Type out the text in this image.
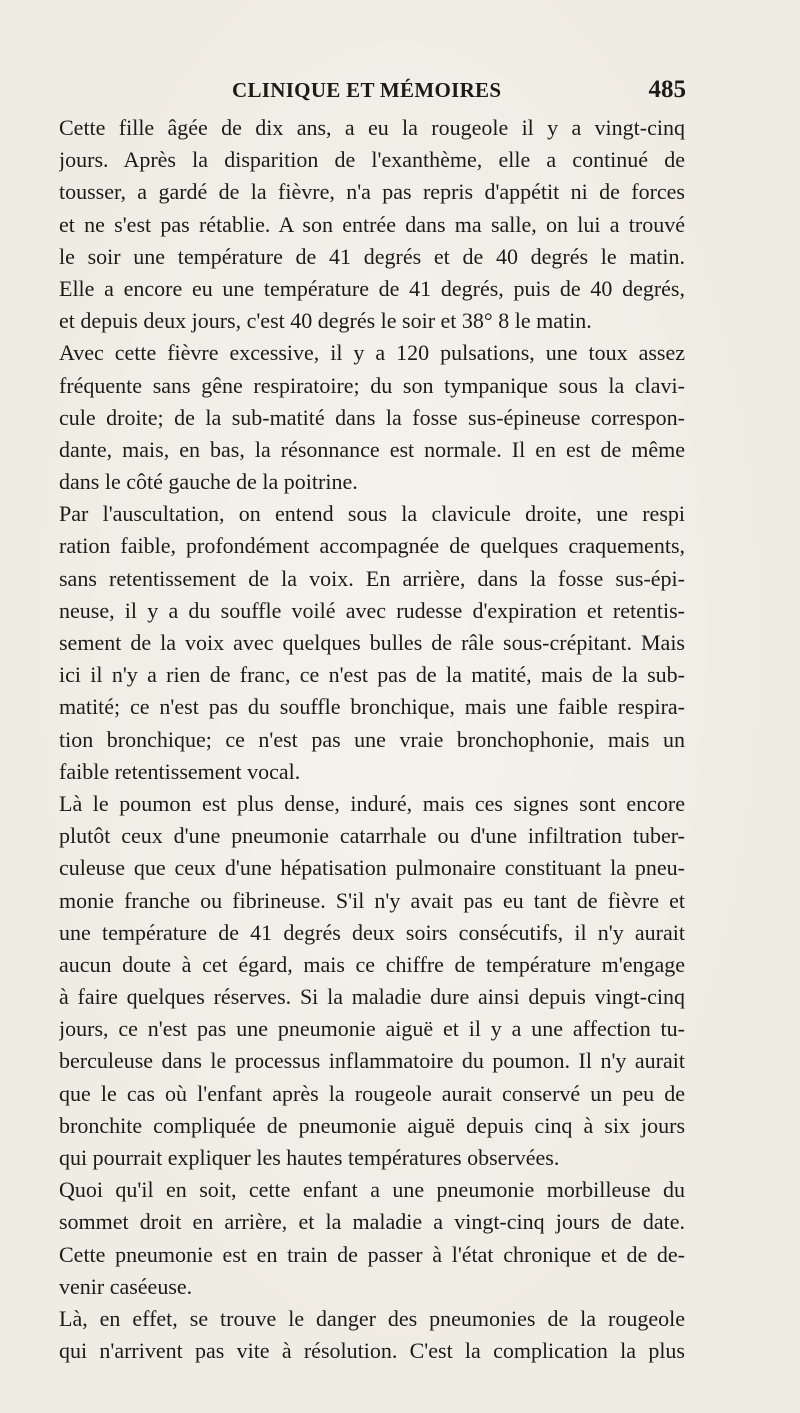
CLINIQUE ET MÉMOIRES	485
Cette fille âgée de dix ans, a eu la rougeole il y a vingt-cinq
jours. Après la disparition de l'exanthème, elle a continué de
tousser, a gardé de la fièvre, n'a pas repris d'appétit ni de forces
et ne s'est pas rétablie. A son entrée dans ma salle, on lui a trouvé
le soir une température de 41 degrés et de 40 degrés le matin.
Elle a encore eu une température de 41 degrés, puis de 40 degrés,
et depuis deux jours, c'est 40 degrés le soir et 38° 8 le matin.
Avec cette fièvre excessive, il y a 120 pulsations, une toux assez
fréquente sans gêne respiratoire; du son tympanique sous la clavi-
cule droite; de la sub-matité dans la fosse sus-épineuse correspon-
dante, mais, en bas, la résonnance est normale. Il en est de même
dans le côté gauche de la poitrine.
Par l'auscultation, on entend sous la clavicule droite, une respi
ration faible, profondément accompagnée de quelques craquements,
sans retentissement de la voix. En arrière, dans la fosse sus-épi-
neuse, il y a du souffle voilé avec rudesse d'expiration et retentis-
sement de la voix avec quelques bulles de râle sous-crépitant. Mais
ici il n'y a rien de franc, ce n'est pas de la matité, mais de la sub-
matité; ce n'est pas du souffle bronchique, mais une faible respira-
tion bronchique; ce n'est pas une vraie bronchophonie, mais un
faible retentissement vocal.
Là le poumon est plus dense, induré, mais ces signes sont encore
plutôt ceux d'une pneumonie catarrhale ou d'une infiltration tuber-
culeuse que ceux d'une hépatisation pulmonaire constituant la pneu-
monie franche ou fibrineuse. S'il n'y avait pas eu tant de fièvre et
une température de 41 degrés deux soirs consécutifs, il n'y aurait
aucun doute à cet égard, mais ce chiffre de température m'engage
à faire quelques réserves. Si la maladie dure ainsi depuis vingt-cinq
jours, ce n'est pas une pneumonie aiguë et il y a une affection tu-
berculeuse dans le processus inflammatoire du poumon. Il n'y aurait
que le cas où l'enfant après la rougeole aurait conservé un peu de
bronchite compliquée de pneumonie aiguë depuis cinq à six jours
qui pourrait expliquer les hautes températures observées.
Quoi qu'il en soit, cette enfant a une pneumonie morbilleuse du
sommet droit en arrière, et la maladie a vingt-cinq jours de date.
Cette pneumonie est en train de passer à l'état chronique et de de-
venir caséeuse.
Là, en effet, se trouve le danger des pneumonies de la rougeole
qui n'arrivent pas vite à résolution. C'est la complication la plus
